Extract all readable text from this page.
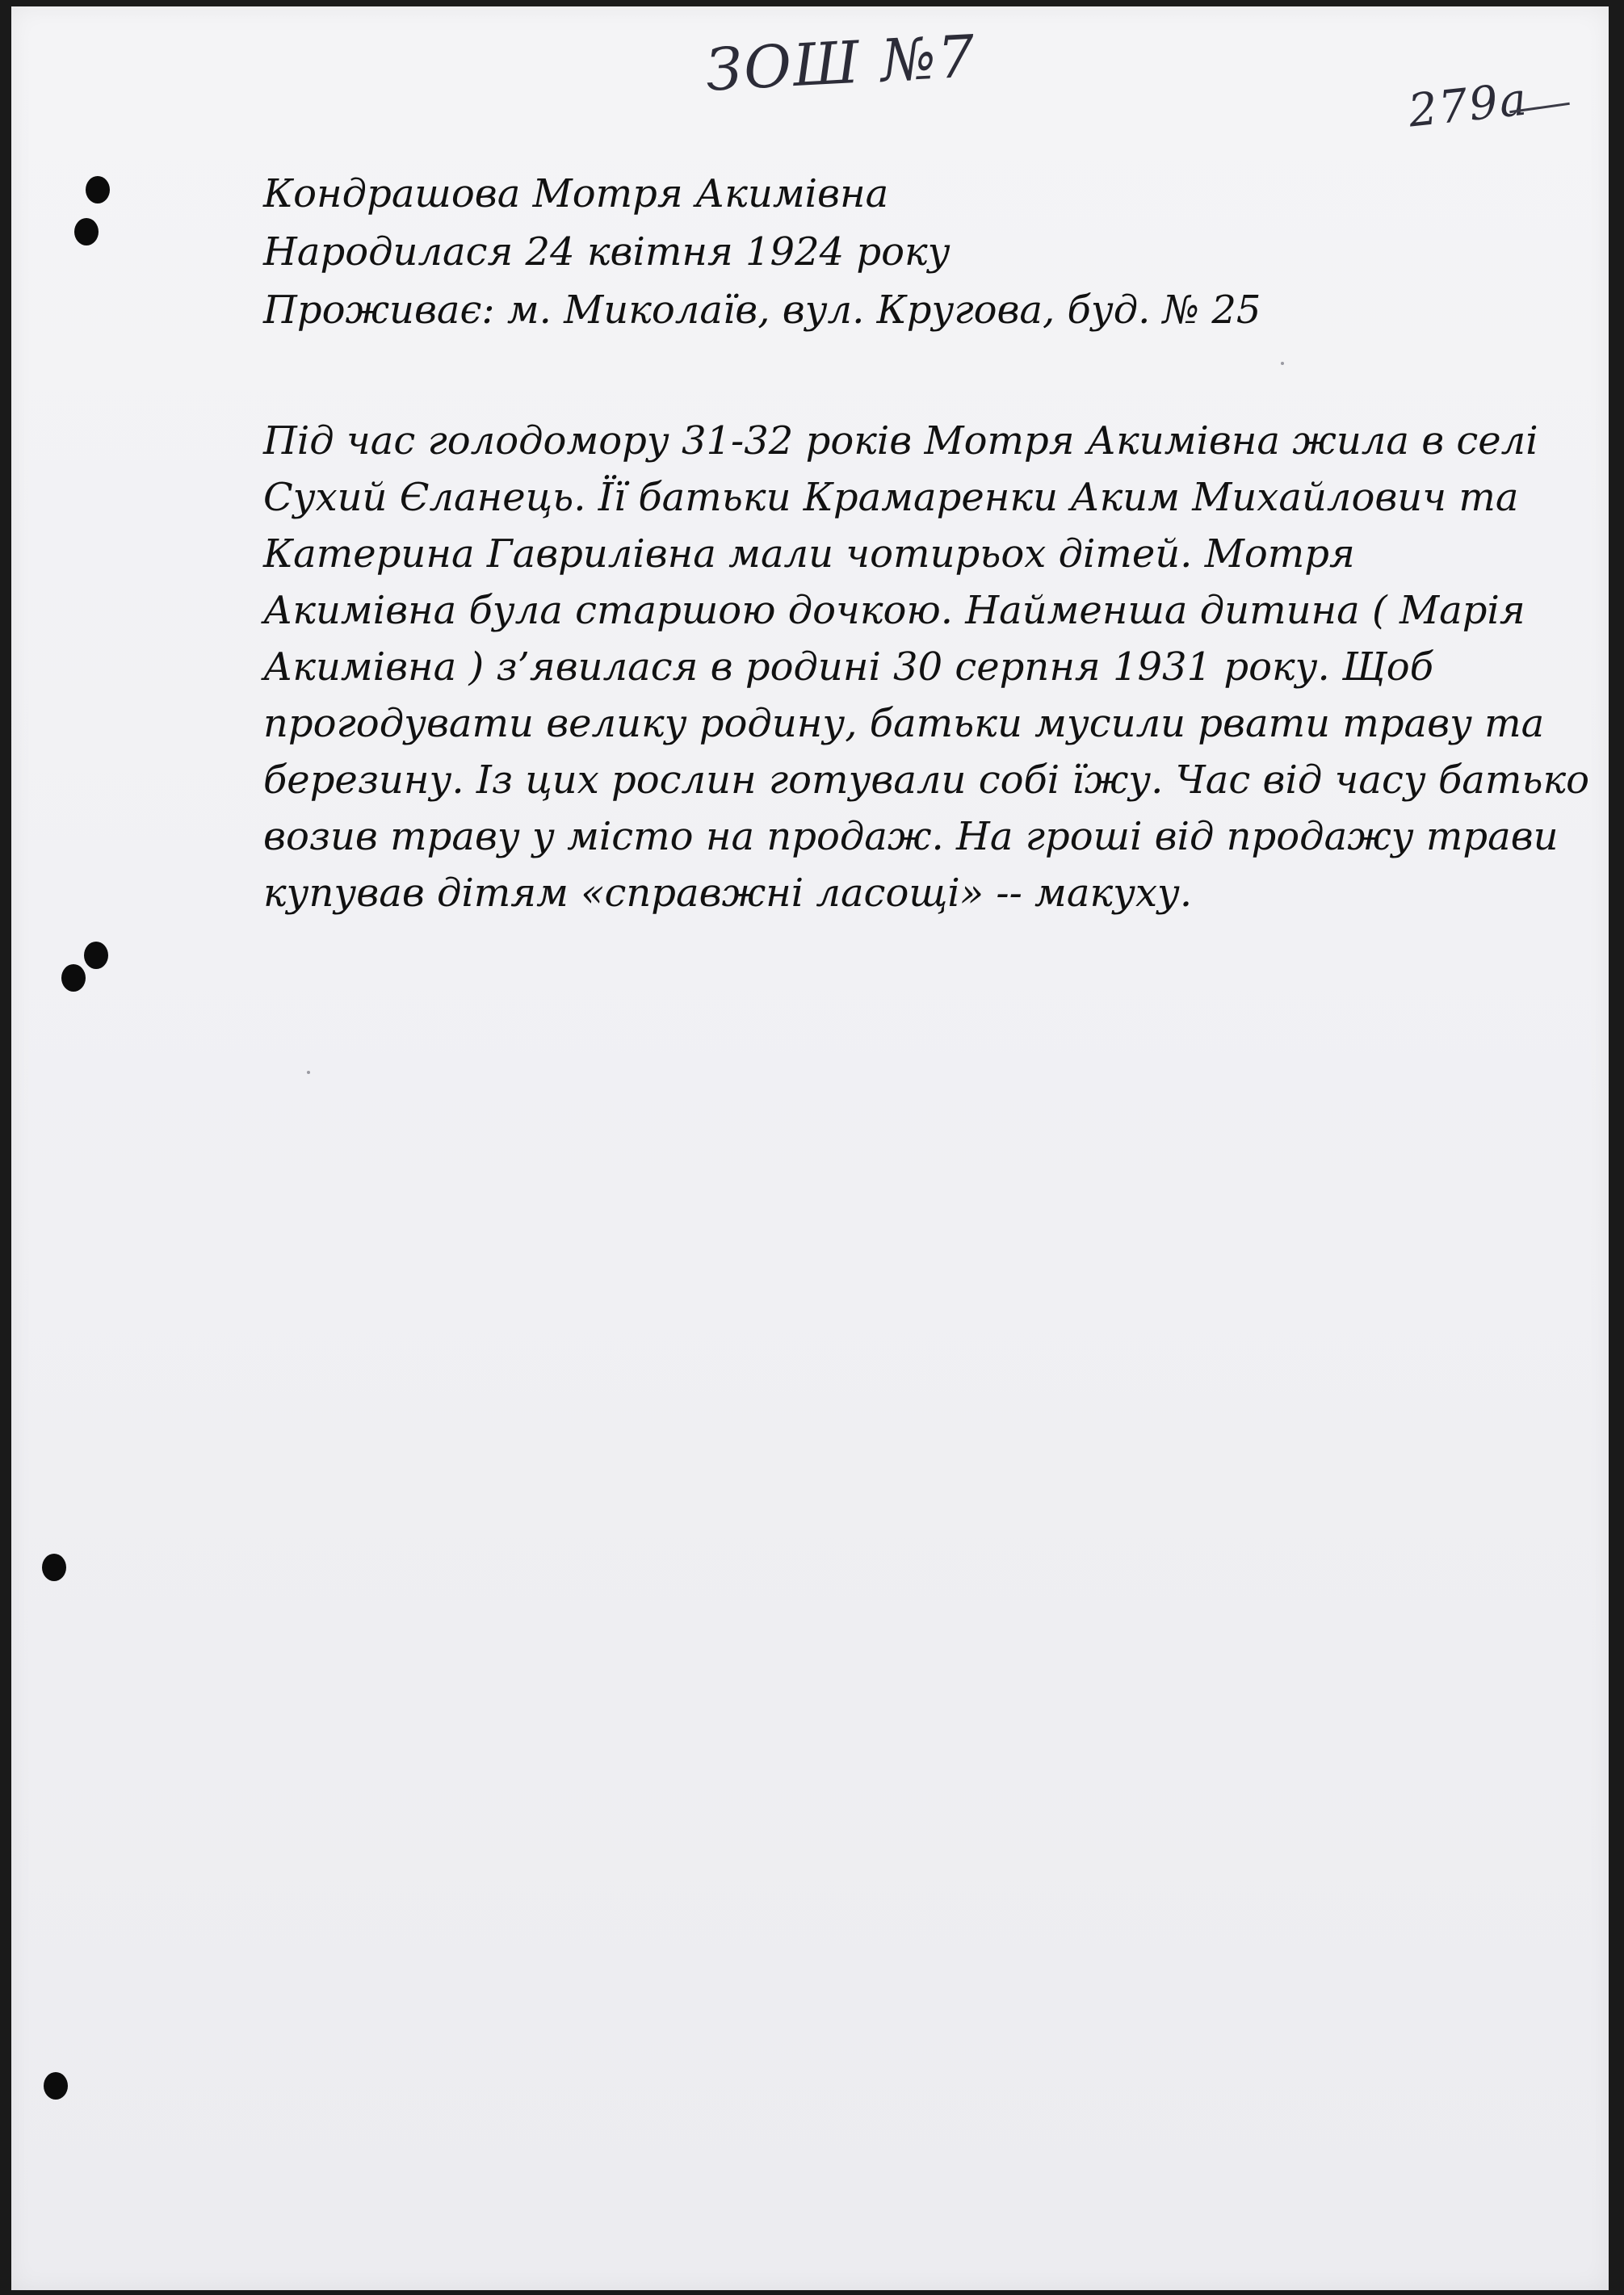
ЗОШ №7
279а
Кондрашова Мотря Акимівна
Народилася 24 квітня 1924 року
Проживає: м. Миколаїв, вул. Кругова, буд. № 25
Під час голодомору 31-32 років Мотря Акимівна жила в селі
Сухий Єланець. Її батьки Крамаренки Аким Михайлович та
Катерина Гаврилівна мали чотирьох дітей. Мотря
Акимівна була старшою дочкою. Найменша дитина ( Марія
Акимівна ) з’явилася в родині 30 серпня 1931 року. Щоб
прогодувати велику родину, батьки мусили рвати траву та
березину. Із цих рослин готували собі їжу. Час від часу батько
возив траву у місто на продаж. На гроші від продажу трави
купував дітям «справжні ласощі» -- макуху.
